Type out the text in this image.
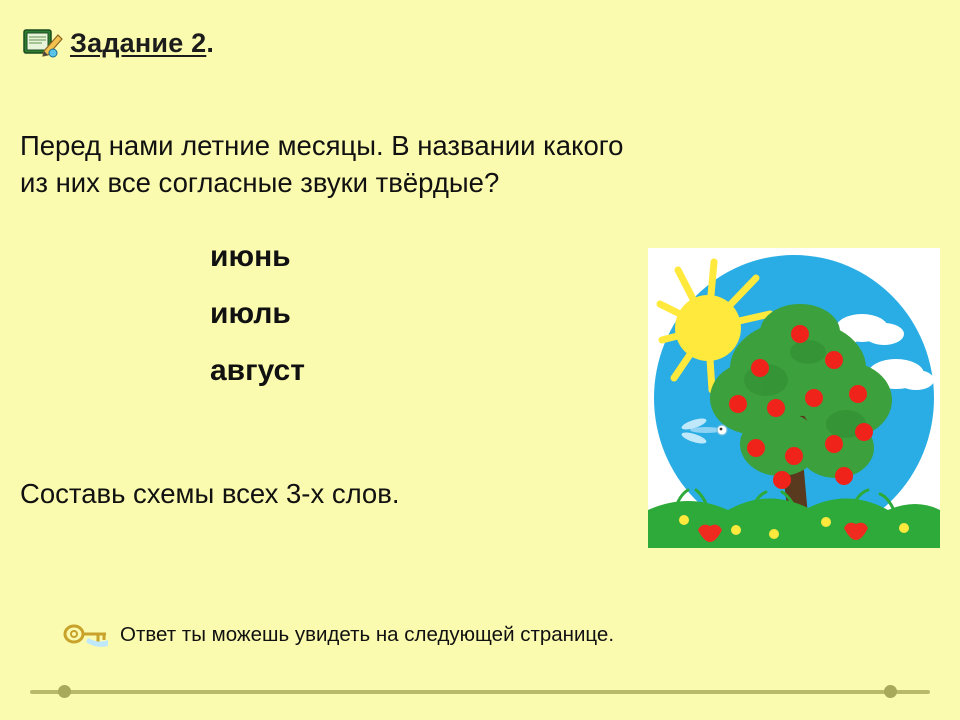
Задание 2.
Перед нами летние месяцы. В названии какого
из них все согласные звуки твёрдые?
июнь
июль
август
Составь схемы всех 3-х слов.
Ответ ты можешь увидеть на следующей странице.
